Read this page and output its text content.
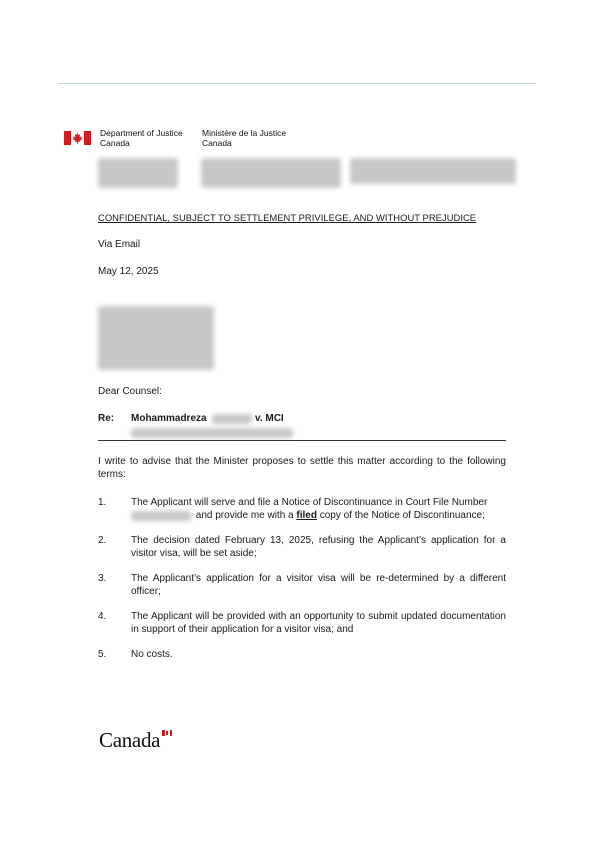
Department of Justice
Canada
Ministère de la Justice
Canada
CONFIDENTIAL, SUBJECT TO SETTLEMENT PRIVILEGE, AND WITHOUT PREJUDICE
Via Email
May 12, 2025
Dear Counsel:
Re: Mohammadreza	v. MCI
I write to advise that the Minister proposes to settle this matter according to the following terms:
1. The Applicant will serve and file a Notice of Discontinuance in Court File Number
and provide me with a filed copy of the Notice of Discontinuance;
2. The decision dated February 13, 2025, refusing the Applicant’s application for a visitor visa, will be set aside;
3. The Applicant’s application for a visitor visa will be re-determined by a different officer;
4. The Applicant will be provided with an opportunity to submit updated documentation in support of their application for a visitor visa; and
5. No costs.
Canada
